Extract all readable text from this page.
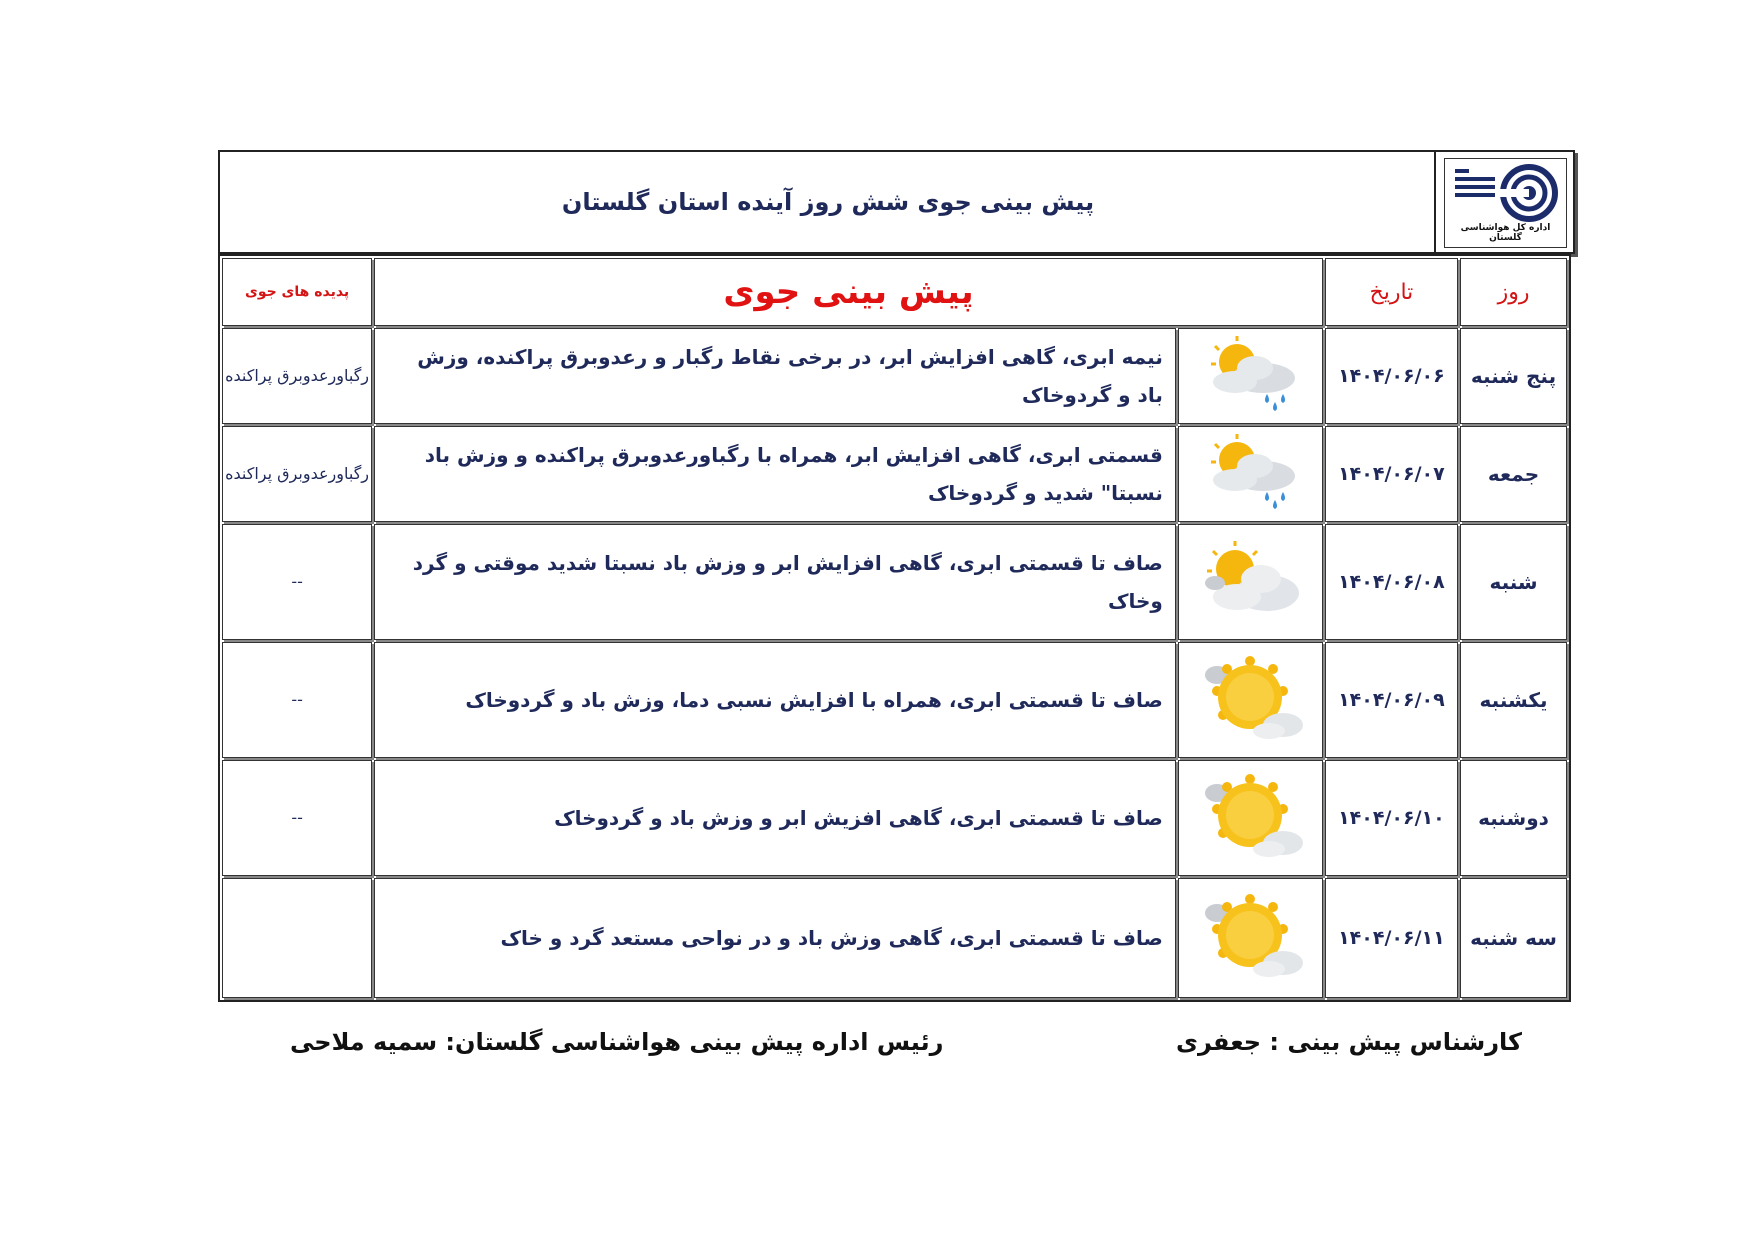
پیش بینی جوی شش روز آینده استان گلستان
اداره کل هواشناسی گلستان
پدیده های جوی	پیش بینی جوی		تاریخ	روز
رگباورعدوبرق پراکنده	نیمه ابری، گاهی افزایش ابر، در برخی نقاط رگبار و رعدوبرق پراکنده، وزش باد و گردوخاک		۱۴۰۴/۰۶/۰۶	پنج شنبه
رگباورعدوبرق پراکنده	قسمتی ابری، گاهی افزایش ابر، همراه با رگباورعدوبرق پراکنده و وزش باد نسبتا" شدید و گردوخاک		۱۴۰۴/۰۶/۰۷	جمعه
--	صاف تا قسمتی ابری، گاهی افزایش ابر و وزش باد نسبتا شدید موقتی و گرد وخاک		۱۴۰۴/۰۶/۰۸	شنبه
--	صاف تا قسمتی ابری، همراه با افزایش نسبی دما، وزش باد و گردوخاک		۱۴۰۴/۰۶/۰۹	یکشنبه
--	صاف تا قسمتی ابری، گاهی افزیش ابر و وزش باد و گردوخاک		۱۴۰۴/۰۶/۱۰	دوشنبه
	صاف تا قسمتی ابری، گاهی وزش باد و در نواحی مستعد گرد و خاک		۱۴۰۴/۰۶/۱۱	سه شنبه
کارشناس پیش بینی : جعفری
رئیس اداره پیش بینی هواشناسی گلستان: سمیه ملاحی
